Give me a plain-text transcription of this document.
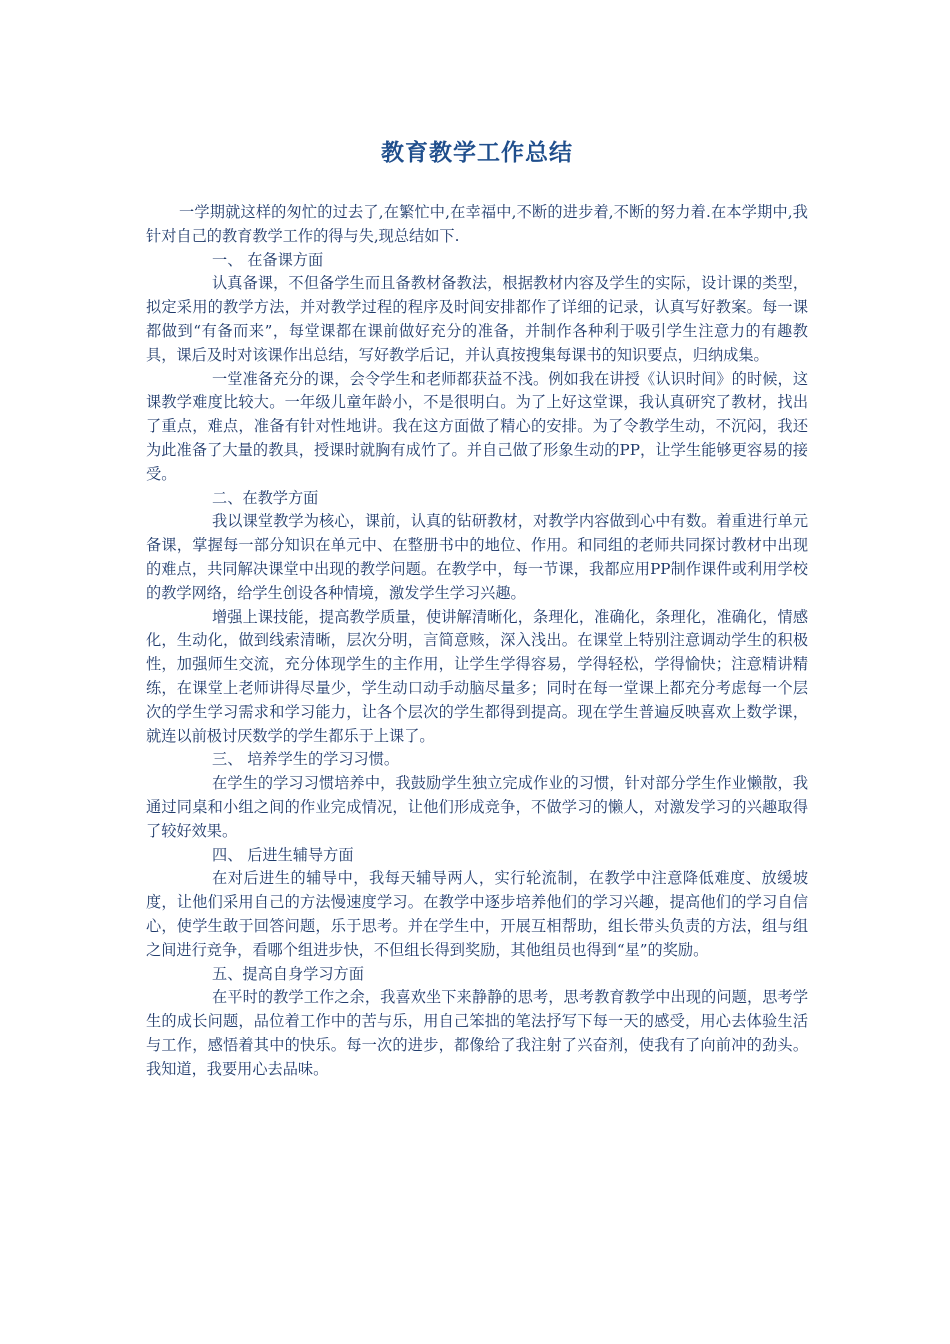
教育教学工作总结

一学期就这样的匆忙的过去了,在繁忙中,在幸福中,不断的进步着,不断的努力着.在本学期中,我针对自己的教育教学工作的得与失,现总结如下.

一、 在备课方面

认真备课，不但备学生而且备教材备教法，根据教材内容及学生的实际，设计课的类型，拟定采用的教学方法，并对教学过程的程序及时间安排都作了详细的记录，认真写好教案。每一课都做到“有备而来”，每堂课都在课前做好充分的准备，并制作各种利于吸引学生注意力的有趣教具，课后及时对该课作出总结，写好教学后记，并认真按搜集每课书的知识要点，归纳成集。

一堂准备充分的课，会令学生和老师都获益不浅。例如我在讲授《认识时间》的时候，这课教学难度比较大。一年级儿童年龄小，不是很明白。为了上好这堂课，我认真研究了教材，找出了重点，难点，准备有针对性地讲。我在这方面做了精心的安排。为了令教学生动，不沉闷，我还为此准备了大量的教具，授课时就胸有成竹了。并自己做了形象生动的PP，让学生能够更容易的接受。

二、在教学方面

我以课堂教学为核心，课前，认真的钻研教材，对教学内容做到心中有数。着重进行单元备课，掌握每一部分知识在单元中、在整册书中的地位、作用。和同组的老师共同探讨教材中出现的难点，共同解决课堂中出现的教学问题。在教学中，每一节课，我都应用PP制作课件或利用学校的教学网络，给学生创设各种情境，激发学生学习兴趣。

增强上课技能，提高教学质量，使讲解清晰化，条理化，准确化，条理化，准确化，情感化，生动化，做到线索清晰，层次分明，言简意赅，深入浅出。在课堂上特别注意调动学生的积极性，加强师生交流，充分体现学生的主作用，让学生学得容易，学得轻松，学得愉快；注意精讲精练，在课堂上老师讲得尽量少，学生动口动手动脑尽量多；同时在每一堂课上都充分考虑每一个层次的学生学习需求和学习能力，让各个层次的学生都得到提高。现在学生普遍反映喜欢上数学课，就连以前极讨厌数学的学生都乐于上课了。

三、 培养学生的学习习惯。

在学生的学习习惯培养中，我鼓励学生独立完成作业的习惯，针对部分学生作业懒散，我通过同桌和小组之间的作业完成情况，让他们形成竞争，不做学习的懒人，对激发学习的兴趣取得了较好效果。

四、 后进生辅导方面

在对后进生的辅导中，我每天辅导两人，实行轮流制，在教学中注意降低难度、放缓坡度，让他们采用自己的方法慢速度学习。在教学中逐步培养他们的学习兴趣，提高他们的学习自信心，使学生敢于回答问题，乐于思考。并在学生中，开展互相帮助，组长带头负责的方法，组与组之间进行竞争，看哪个组进步快，不但组长得到奖励，其他组员也得到“星”的奖励。

五、提高自身学习方面

在平时的教学工作之余，我喜欢坐下来静静的思考，思考教育教学中出现的问题，思考学生的成长问题，品位着工作中的苦与乐，用自己笨拙的笔法抒写下每一天的感受，用心去体验生活与工作，感悟着其中的快乐。每一次的进步，都像给了我注射了兴奋剂，使我有了向前冲的劲头。我知道，我要用心去品味。
